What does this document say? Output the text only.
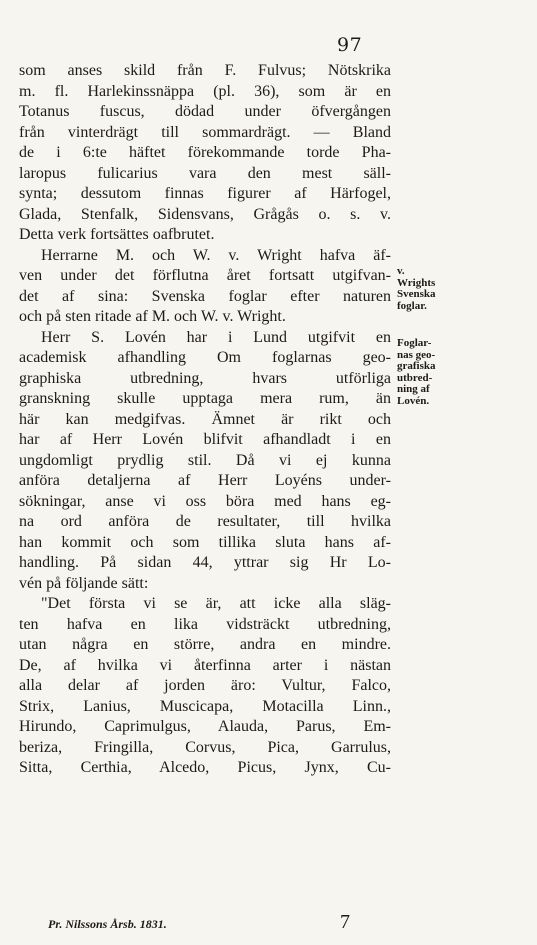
97
som anses skild från F. Fulvus; Nötskrika
m. fl. Harlekinssnäppa (pl. 36), som är en
Totanus fuscus, dödad under öfvergången
från vinterdrägt till sommardrägt. — Bland
de i 6:te häftet förekommande torde Pha-
laropus fulicarius vara den mest säll-
synta; dessutom finnas figurer af Härfogel,
Glada, Stenfalk, Sidensvans, Grågås o. s. v.
Detta verk fortsättes oafbrutet.
Herrarne M. och W. v. Wright hafva äf-
ven under det förflutna året fortsatt utgifvan-
det af sina: Svenska foglar efter naturen
och på sten ritade af M. och W. v. Wright.
Herr S. Lovén har i Lund utgifvit en
academisk afhandling Om foglarnas geo-
graphiska utbredning, hvars utförliga
granskning skulle upptaga mera rum, än
här kan medgifvas. Ämnet är rikt och
har af Herr Lovén blifvit afhandladt i en
ungdomligt prydlig stil. Då vi ej kunna
anföra detaljerna af Herr Loyéns under-
sökningar, anse vi oss böra med hans eg-
na ord anföra de resultater, till hvilka
han kommit och som tillika sluta hans af-
handling. På sidan 44, yttrar sig Hr Lo-
vén på följande sätt:
"Det första vi se är, att icke alla släg-
ten hafva en lika vidsträckt utbredning,
utan några en större, andra en mindre.
De, af hvilka vi återfinna arter i nästan
alla delar af jorden äro: Vultur, Falco,
Strix, Lanius, Muscicapa, Motacilla Linn.,
Hirundo, Caprimulgus, Alauda, Parus, Em-
beriza, Fringilla, Corvus, Pica, Garrulus,
Sitta, Certhia, Alcedo, Picus, Jynx, Cu-
v.
Wrights
Svenska
foglar.
Foglar-
nas geo-
grafiska
utbred-
ning af
Lovén.
Pr. Nilssons Årsb. 1831.	7
